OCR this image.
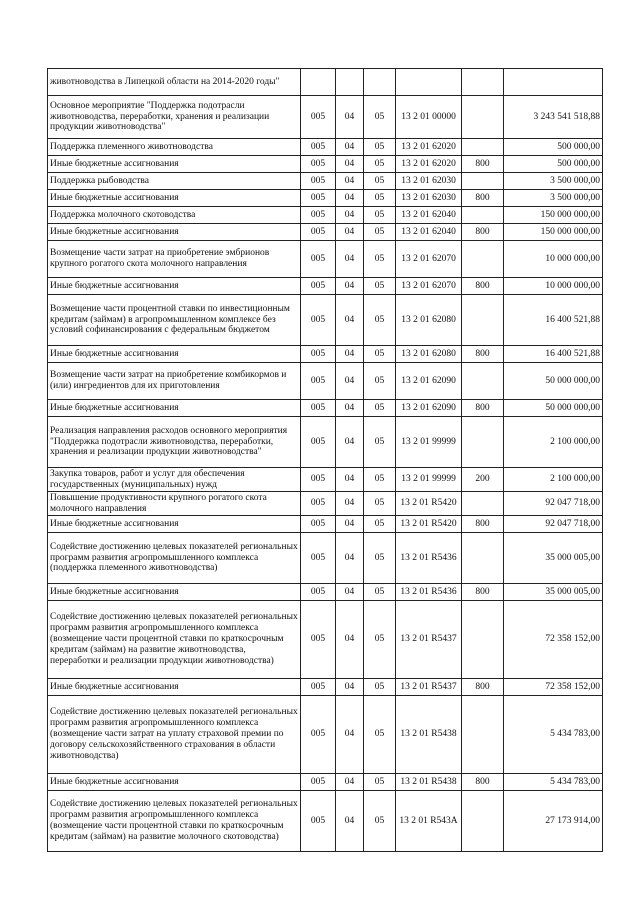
животноводства в Липецкой области на 2014-2020 годы"						
Основное мероприятие "Поддержка подотрасли животноводства, переработки, хранения и реализации продукции животноводства"	005	04	05	13 2 01 00000		3 243 541 518,88
Поддержка племенного животноводства	005	04	05	13 2 01 62020		500 000,00
Иные бюджетные ассигнования	005	04	05	13 2 01 62020	800	500 000,00
Поддержка рыбоводства	005	04	05	13 2 01 62030		3 500 000,00
Иные бюджетные ассигнования	005	04	05	13 2 01 62030	800	3 500 000,00
Поддержка молочного скотоводства	005	04	05	13 2 01 62040		150 000 000,00
Иные бюджетные ассигнования	005	04	05	13 2 01 62040	800	150 000 000,00
Возмещение части затрат на приобретение эмбрионов крупного рогатого скота молочного направления	005	04	05	13 2 01 62070		10 000 000,00
Иные бюджетные ассигнования	005	04	05	13 2 01 62070	800	10 000 000,00
Возмещение части процентной ставки по инвестиционным кредитам (займам) в агропромышленном комплексе без условий софинансирования с федеральным бюджетом	005	04	05	13 2 01 62080		16 400 521,88
Иные бюджетные ассигнования	005	04	05	13 2 01 62080	800	16 400 521,88
Возмещение части затрат на приобретение комбикормов и (или) ингредиентов для их приготовления	005	04	05	13 2 01 62090		50 000 000,00
Иные бюджетные ассигнования	005	04	05	13 2 01 62090	800	50 000 000,00
Реализация направления расходов основного мероприятия "Поддержка подотрасли животноводства, переработки, хранения и реализации продукции животноводства"	005	04	05	13 2 01 99999		2 100 000,00
Закупка товаров, работ и услуг для обеспечения государственных (муниципальных) нужд	005	04	05	13 2 01 99999	200	2 100 000,00
Повышение продуктивности крупного рогатого скота молочного направления	005	04	05	13 2 01 R5420		92 047 718,00
Иные бюджетные ассигнования	005	04	05	13 2 01 R5420	800	92 047 718,00
Содействие достижению целевых показателей региональных программ развития агропромышленного комплекса (поддержка племенного животноводства)	005	04	05	13 2 01 R5436		35 000 005,00
Иные бюджетные ассигнования	005	04	05	13 2 01 R5436	800	35 000 005,00
Содействие достижению целевых показателей региональных программ развития агропромышленного комплекса (возмещение части процентной ставки по краткосрочным кредитам (займам) на развитие животноводства, переработки и реализации продукции животноводства)	005	04	05	13 2 01 R5437		72 358 152,00
Иные бюджетные ассигнования	005	04	05	13 2 01 R5437	800	72 358 152,00
Содействие достижению целевых показателей региональных программ развития агропромышленного комплекса (возмещение части затрат на уплату страховой премии по договору сельскохозяйственного страхования в области животноводства)	005	04	05	13 2 01 R5438		5 434 783,00
Иные бюджетные ассигнования	005	04	05	13 2 01 R5438	800	5 434 783,00
Содействие достижению целевых показателей региональных программ развития агропромышленного комплекса (возмещение части процентной ставки по краткосрочным кредитам (займам) на развитие молочного скотоводства)	005	04	05	13 2 01 R543А		27 173 914,00
